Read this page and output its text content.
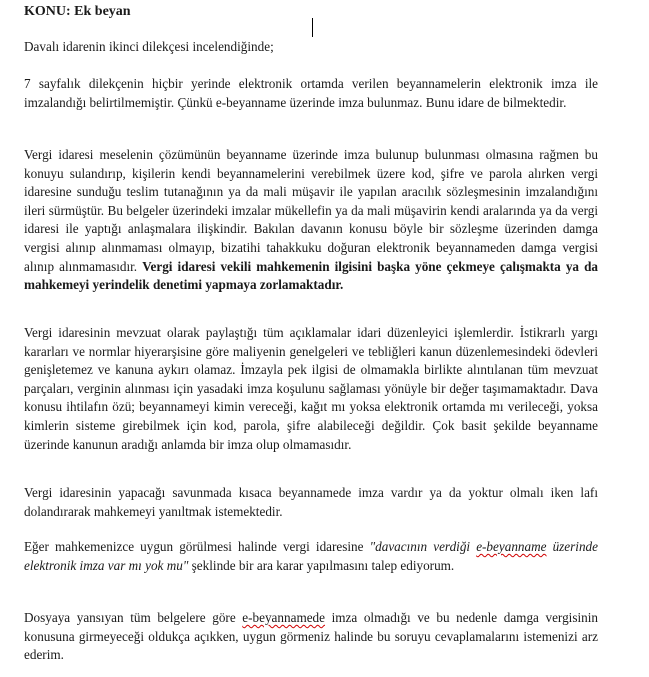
KONU: Ek beyan

Davalı idarenin ikinci dilekçesi incelendiğinde;

7 sayfalık dilekçenin hiçbir yerinde elektronik ortamda verilen beyannamelerin elektronik imza ile imzalandığı belirtilmemiştir. Çünkü e-beyanname üzerinde imza bulunmaz. Bunu idare de bilmektedir.

Vergi idaresi meselenin çözümünün beyanname üzerinde imza bulunup bulunması olmasına rağmen bu konuyu sulandırıp, kişilerin kendi beyannamelerini verebilmek üzere kod, şifre ve parola alırken vergi idaresine sunduğu teslim tutanağının ya da mali müşavir ile yapılan aracılık sözleşmesinin imzalandığını ileri sürmüştür. Bu belgeler üzerindeki imzalar mükellefin ya da mali müşavirin kendi aralarında ya da vergi idaresi ile yaptığı anlaşmalara ilişkindir. Bakılan davanın konusu böyle bir sözleşme üzerinden damga vergisi alınıp alınmaması olmayıp, bizatihi tahakkuku doğuran elektronik beyannameden damga vergisi alınıp alınmamasıdır. Vergi idaresi vekili mahkemenin ilgisini başka yöne çekmeye çalışmakta ya da mahkemeyi yerindelik denetimi yapmaya zorlamaktadır.

Vergi idaresinin mevzuat olarak paylaştığı tüm açıklamalar idari düzenleyici işlemlerdir. İstikrarlı yargı kararları ve normlar hiyerarşisine göre maliyenin genelgeleri ve tebliğleri kanun düzenlemesindeki ödevleri genişletemez ve kanuna aykırı olamaz. İmzayla pek ilgisi de olmamakla birlikte alıntılanan tüm mevzuat parçaları, verginin alınması için yasadaki imza koşulunu sağlaması yönüyle bir değer taşımamaktadır. Dava konusu ihtilafın özü; beyannameyi kimin vereceği, kağıt mı yoksa elektronik ortamda mı verileceği, yoksa kimlerin sisteme girebilmek için kod, parola, şifre alabileceği değildir. Çok basit şekilde beyanname üzerinde kanunun aradığı anlamda bir imza olup olmamasıdır.

Vergi idaresinin yapacağı savunmada kısaca beyannamede imza vardır ya da yoktur olmalı iken lafı dolandırarak mahkemeyi yanıltmak istemektedir.

Eğer mahkemenizce uygun görülmesi halinde vergi idaresine "davacının verdiği e-beyanname üzerinde elektronik imza var mı yok mu" şeklinde bir ara karar yapılmasını talep ediyorum.

Dosyaya yansıyan tüm belgelere göre e-beyannamede imza olmadığı ve bu nedenle damga vergisinin konusuna girmeyeceği oldukça açıkken, uygun görmeniz halinde bu soruyu cevaplamalarını istemenizi arz ederim.
